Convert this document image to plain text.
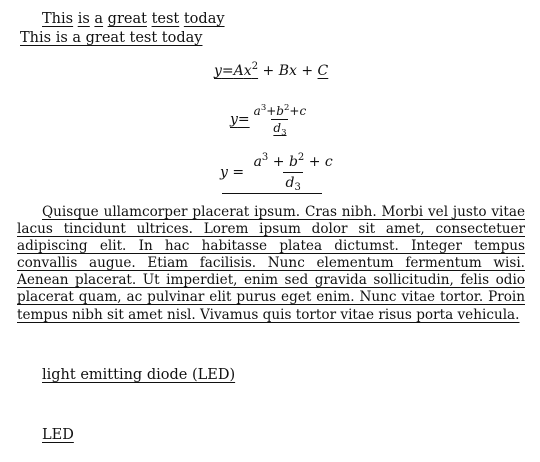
This is a great test today
This is a great test today
$y=Ax^2 + Bx + C$
$y= \frac{a^3+b^2+c}{d_3}$
$y = \frac{a^3 + b^2 + c}{d_3}$

Quisque ullamcorper placerat ipsum. Cras nibh. Morbi vel justo vitae lacus tincidunt ultrices. Lorem ipsum dolor sit amet, consectetuer adipiscing elit. In hac habitasse platea dictumst. Integer tempus convallis augue. Etiam facilisis. Nunc elementum fermentum wisi. Aenean placerat. Ut imperdiet, enim sed gravida sollicitudin, felis odio placerat quam, ac pulvinar elit purus eget enim. Nunc vitae tortor. Proin tempus nibh sit amet nisl. Vivamus quis tortor vitae risus porta vehicula.

light emitting diode (LED)
LED
